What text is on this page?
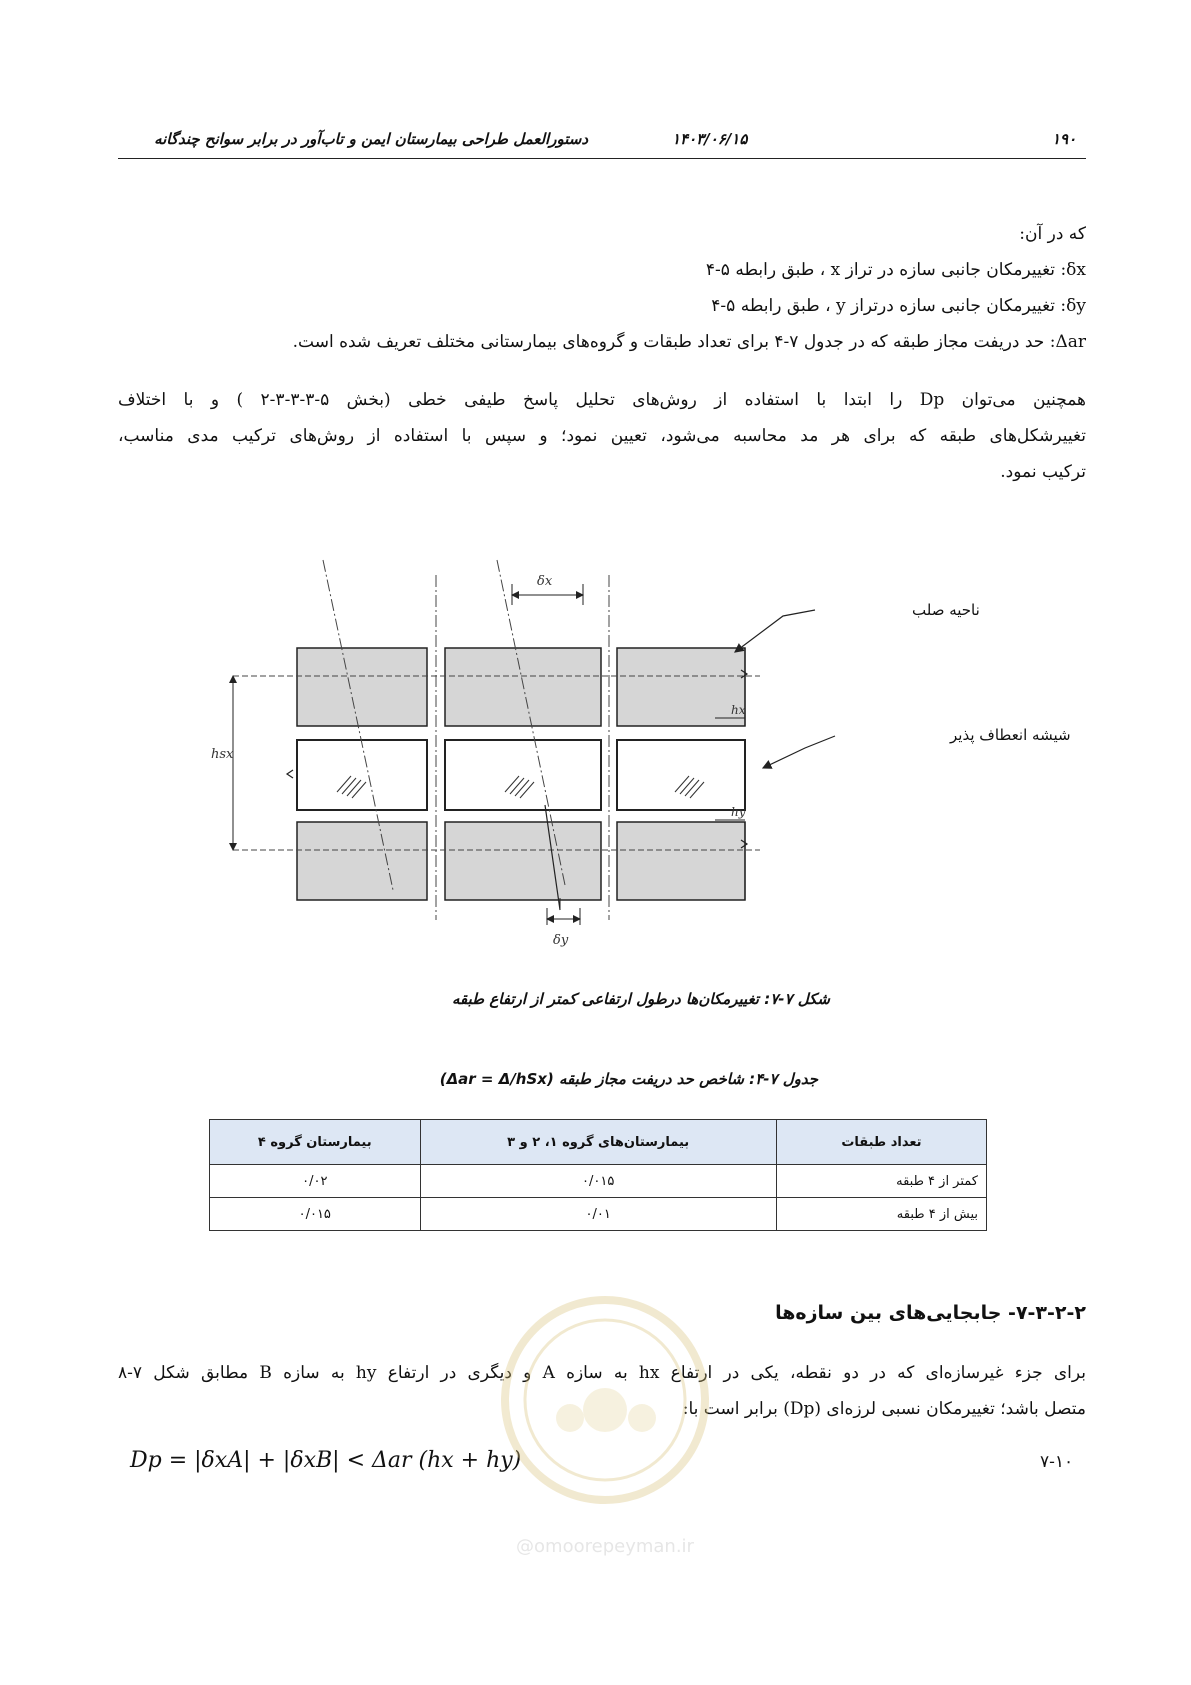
۱۹۰
۱۴۰۳/۰۶/۱۵
دستورالعمل طراحی بیمارستان ایمن و تاب‌آور در برابر سوانح چندگانه
که در آن:
δx: تغییرمکان جانبی سازه در تراز x ، طبق رابطه ۵-۴
δy: تغییرمکان جانبی سازه درتراز y ، طبق رابطه ۵-۴
Δar: حد دریفت مجاز طبقه که در جدول ۷-۴ برای تعداد طبقات و گروه‌های بیمارستانی مختلف تعریف شده است.
همچنین می‌توان Dp را ابتدا با استفاده از روش‌های تحلیل پاسخ طیفی خطی (بخش ۵-۳-۳-۳-۲ ) و با اختلاف
تغییرشکل‌های طبقه که برای هر مد محاسبه می‌شود، تعیین نمود؛ و سپس با استفاده از روش‌های ترکیب مدی مناسب،
ترکیب نمود.
hsx
hx
hy
δx
δy
ناحیه صلب
شیشه انعطاف پذیر
شکل ۷-۷: تغییرمکان‌ها درطول ارتفاعی کمتر از ارتفاع طبقه
جدول ۷-۴: شاخص حد دریفت مجاز طبقه (Δar = Δ/hSx)
تعداد طبقات	بیمارستان‌های گروه ۱، ۲ و ۳	بیمارستان گروه ۴
کمتر از ۴ طبقه	۰/۰۱۵	۰/۰۲
بیش از ۴ طبقه	۰/۰۱	۰/۰۱۵
۷-۳-۲-۲- جابجایی‌های بین سازه‌ها
برای جزء غیرسازه‌ای که در دو نقطه، یکی در ارتفاع hx به سازه A و دیگری در ارتفاع hy به سازه B مطابق شکل ۷-۸
متصل باشد؛ تغییرمکان نسبی لرزه‌ای (Dp) برابر است با:
Dp = |δxA| + |δxB| < Δar (hx + hy)	۷-۱۰
@omoorepeyman.ir
